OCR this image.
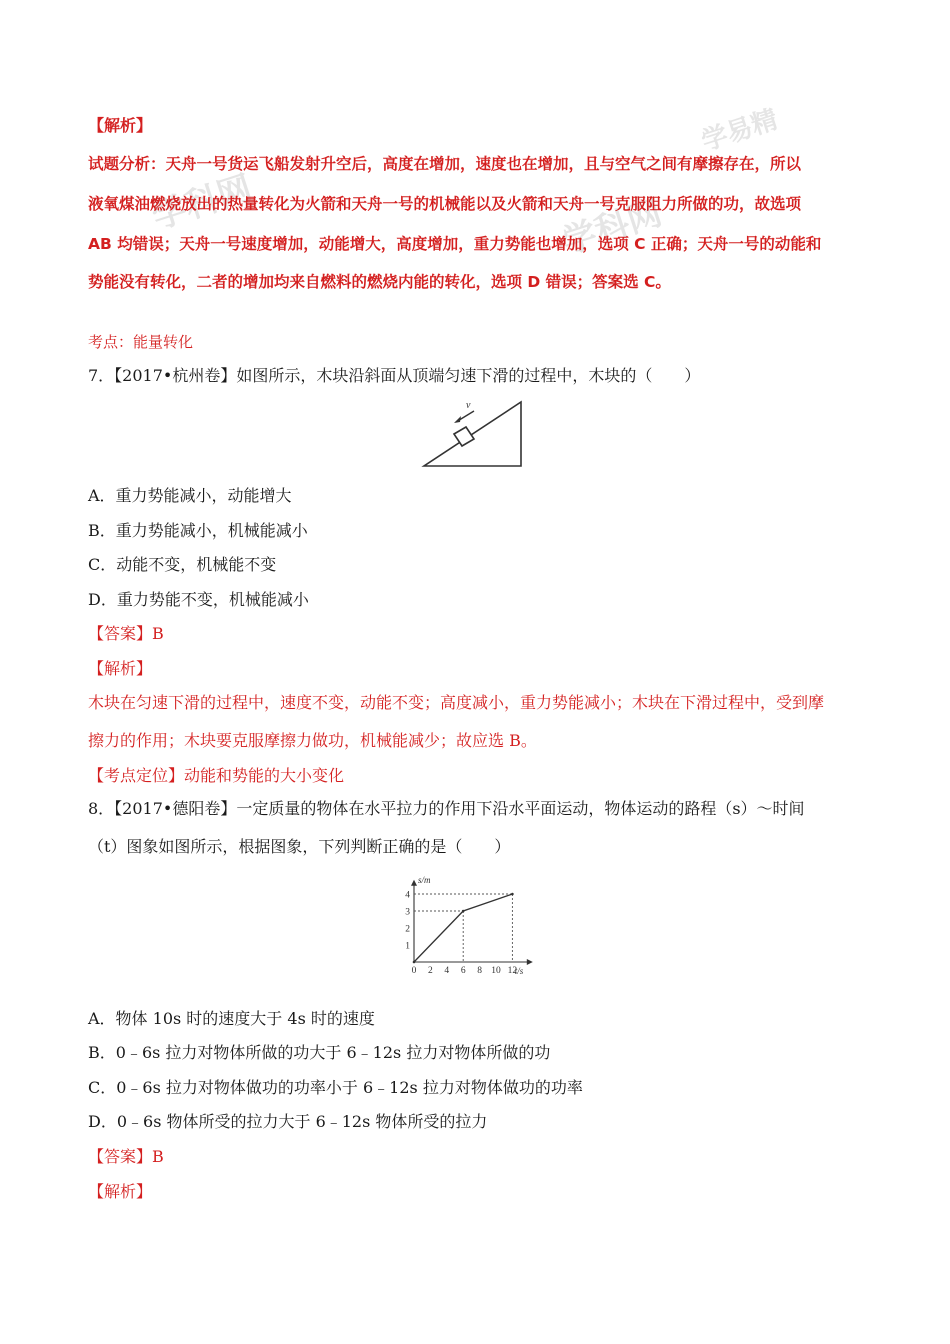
学科网	学科网
学易精
【解析】
试题分析：天舟一号货运飞船发射升空后，高度在增加，速度也在增加，且与空气之间有摩擦存在，所以
液氧煤油燃烧放出的热量转化为火箭和天舟一号的机械能以及火箭和天舟一号克服阻力所做的功，故选项
AB 均错误；天舟一号速度增加，动能增大，高度增加，重力势能也增加，选项 C 正确；天舟一号的动能和
势能没有转化，二者的增加均来自燃料的燃烧内能的转化，选项 D 错误；答案选 C。
考点：能量转化
7．【2017•杭州卷】如图所示，木块沿斜面从顶端匀速下滑的过程中，木块的（　　）
v
A．重力势能减小，动能增大
B．重力势能减小，机械能减小
C．动能不变，机械能不变
D．重力势能不变，机械能减小
【答案】B
【解析】
木块在匀速下滑的过程中，速度不变，动能不变；高度减小，重力势能减小；木块在下滑过程中，受到摩
擦力的作用；木块要克服摩擦力做功，机械能减少；故应选 B。
【考点定位】动能和势能的大小变化
8．【2017•德阳卷】一定质量的物体在水平拉力的作用下沿水平面运动，物体运动的路程（s）～时间
（t）图象如图所示，根据图象，下列判断正确的是（　　）
0 2 4 6 8 10 12
1
2
3
4
s/m
t/s
A．物体 10s 时的速度大于 4s 时的速度
B．0﹣6s 拉力对物体所做的功大于 6﹣12s 拉力对物体所做的功
C．0﹣6s 拉力对物体做功的功率小于 6﹣12s 拉力对物体做功的功率
D．0﹣6s 物体所受的拉力大于 6﹣12s 物体所受的拉力
【答案】B
【解析】
